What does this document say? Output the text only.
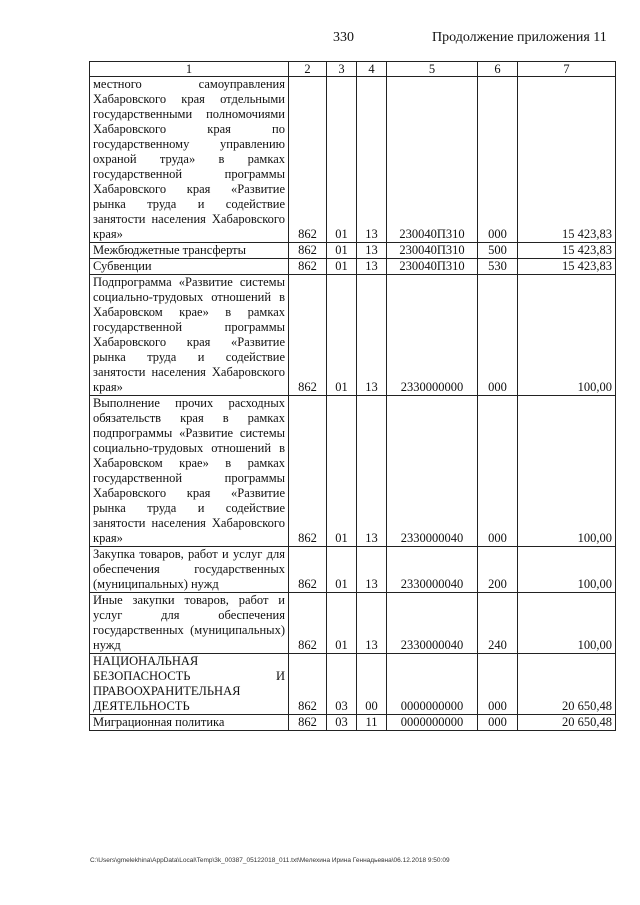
330	Продолжение приложения 11
1	2	3	4	5	6	7
местного самоуправления Хабаровского края отдельными государственными полномочиями Хабаровского края по государственному управлению охраной труда» в рамках государственной программы Хабаровского края «Развитие рынка труда и содействие занятости населения Хабаровского края»	862	01	13	230040П310	000	15 423,83
Межбюджетные трансферты	862	01	13	230040П310	500	15 423,83
Субвенции	862	01	13	230040П310	530	15 423,83
Подпрограмма «Развитие системы социально-трудовых отношений в Хабаровском крае» в рамках государственной программы Хабаровского края «Развитие рынка труда и содействие занятости населения Хабаровского края»	862	01	13	2330000000	000	100,00
Выполнение прочих расходных обязательств края в рамках подпрограммы «Развитие системы социально-трудовых отношений в Хабаровском крае» в рамках государственной программы Хабаровского края «Развитие рынка труда и содействие занятости населения Хабаровского края»	862	01	13	2330000040	000	100,00
Закупка товаров, работ и услуг для обеспечения государственных (муниципальных) нужд	862	01	13	2330000040	200	100,00
Иные закупки товаров, работ и услуг для обеспечения государственных (муниципальных) нужд	862	01	13	2330000040	240	100,00
НАЦИОНАЛЬНАЯ БЕЗОПАСНОСТЬ И ПРАВООХРАНИТЕЛЬНАЯ ДЕЯТЕЛЬНОСТЬ	862	03	00	0000000000	000	20 650,48
Миграционная политика	862	03	11	0000000000	000	20 650,48
C:\Users\gmelekhina\AppData\Local\Temp\3k_00387_05122018_011.txt\Мелехина Ирина Геннадьевна\06.12.2018 9:50:09
